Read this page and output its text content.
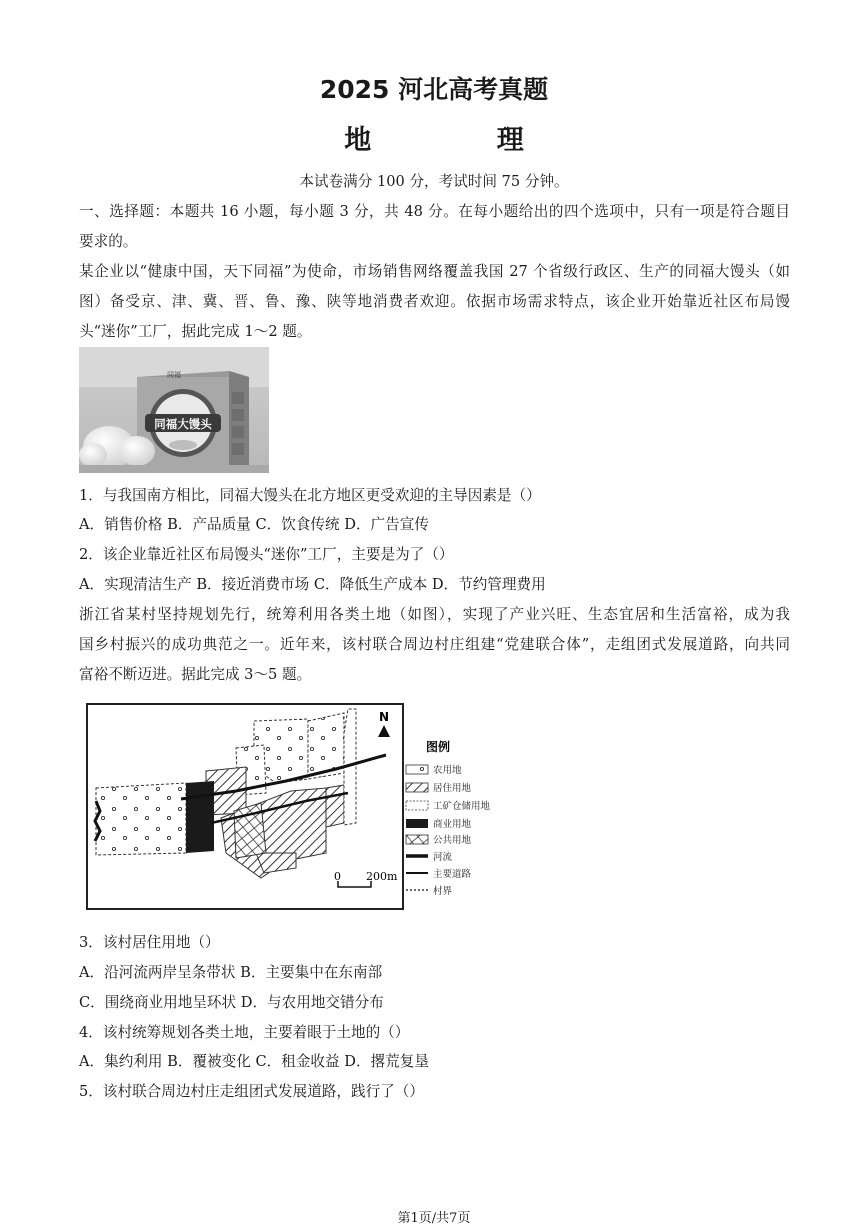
2025 河北高考真题
地 理
本试卷满分 100 分，考试时间 75 分钟。
一、选择题：本题共 16 小题，每小题 3 分，共 48 分。在每小题给出的四个选项中，只有一项是符合题目
要求的。
某企业以“健康中国，天下同福”为使命，市场销售网络覆盖我国 27 个省级行政区、生产的同福大馒头（如
图）备受京、津、冀、晋、鲁、豫、陕等地消费者欢迎。依据市场需求特点，该企业开始靠近社区布局馒
头“迷你”工厂，据此完成 1～2 题。
同福
同福大馒头
1．与我国南方相比，同福大馒头在北方地区更受欢迎的主导因素是（）
A．销售价格 B．产品质量 C．饮食传统 D．广告宣传
2．该企业靠近社区布局馒头“迷你”工厂，主要是为了（）
A．实现清洁生产 B．接近消费市场 C．降低生产成本 D．节约管理费用
浙江省某村坚持规划先行，统筹利用各类土地（如图），实现了产业兴旺、生态宜居和生活富裕，成为我
国乡村振兴的成功典范之一。近年来，该村联合周边村庄组建“党建联合体”，走组团式发展道路，向共同
富裕不断迈进。据此完成 3～5 题。
N
0 200m
图例
农用地
居住用地
工矿仓储用地
商业用地
公共用地
河流
主要道路
村界
3．该村居住用地（）
A．沿河流两岸呈条带状 B．主要集中在东南部
C．围绕商业用地呈环状 D．与农用地交错分布
4．该村统筹规划各类土地，主要着眼于土地的（）
A．集约利用 B．覆被变化 C．租金收益 D．撂荒复垦
5．该村联合周边村庄走组团式发展道路，践行了（）
第1页/共7页
